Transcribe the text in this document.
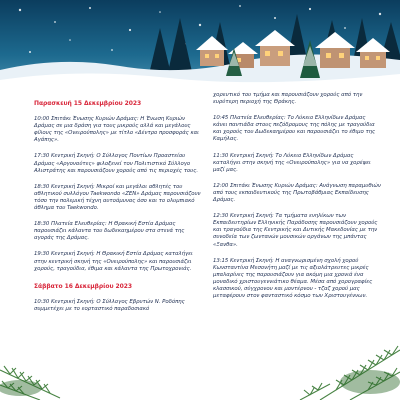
Παρασκευή 15 Δεκεμβρίου 2023
10:00 Σπιτάκι Ένωσης Κυριών Δράμας: Η Ένωση Κυριών Δράμας σε μια δράση για τους μικρούς αλλά και μεγάλους φίλους της «Ονειρούπολης» με τίτλο «Δέντρο προσφοράς και Αγάπης».
17:30 Κεντρική Σκηνή: Ο Σύλλογος Ποντίων Προαστείου Δράμας «Αργοναύτες» φιλοξενεί τον Πολιτιστικό Σύλλογο Αλιστράτης και παρουσιάζουν χορούς από τις περιοχές τους.
18:30 Κεντρική Σκηνή: Μικροί και μεγάλοι αθλητές του αθλητικού συλλόγου Taekwondo «ZEN» Δράμας παρουσιάζουν τόσο την πολεμική τέχνη αυτοάμυνας όσο και το ολυμπιακό άθλημα του Taekwondo.
18:30 Πλατεία Ελευθερίας: Η Θρακική Εστία Δράμας παρουσιάζει κάλαντα του δωδεκαημέρου στα στενά της αγοράς της Δράμας.
19:30 Κεντρική Σκηνή: Η Θρακική Εστία Δράμας καταλήγει στην κεντρική σκηνή της «Ονειρούπολης» και παρουσιάζει χορούς, τραγούδια, έθιμα και κάλαντα της Πρωτοχρονιάς.
Σάββατο 16 Δεκεμβρίου 2023
10:30 Κεντρική Σκηνή: Ο Σύλλογος Εβρυτών Ν. Ροδόπης συμμετέχει με το εορταστικό παραδοσιακό
χορευτικό του τμήμα και παρουσιάζουν χορούς από την ευρύτερη περιοχή της Θράκης.
10:45 Πλατεία Ελευθερίας: Το Λύκειο Ελληνίδων Δράμας κάνει παντιάδα στους πεζόδρομους της πόλης με τραγούδια και χορούς του Δωδεκαημέρου και παρουσιάζει το έθιμο της Καμήλας.
11:30 Κεντρική Σκηνή: Το Λύκειο Ελληνίδων Δράμας καταλήγει στην σκηνή της «Ονειρούπολης» για να χορέψει μαζί μας.
12:00 Σπιτάκι Ένωσης Κυριών Δράμας: Ανάγνωση παραμυθιών από τους εκπαιδευτικούς της Πρωτοβάθμιας Εκπαίδευσης Δράμας.
12:30 Κεντρική Σκηνή: Τα τμήματα ενηλίκων των Εκπαιδευτηρίων Ελληνικής Παράδοσης παρουσιάζουν χορούς και τραγούδια της Κεντρικής και Δυτικής Μακεδονίας με την συνοδεία των ζωντανών μουσικών οργάνων της μπάντας «Ξανθα».
13:15 Κεντρική Σκηνή: Η αναγνωρισμένη σχολή χορού Κωνσταντίνα Μεσονήτη μαζί με τις αξιολάτρευτες μικρές μπαλαρίνες της παρουσιάζουν για ακόμη μια χρονιά ένα μοναδικό χριστουγεννιάτικο θέαμα. Μέσα από χορογραφίες κλασσικού, σύγχρονου και μοντέρνου - τζαζ χορού μας μεταφέρουν στον φανταστικό κόσμο των Χριστουγέννων.
